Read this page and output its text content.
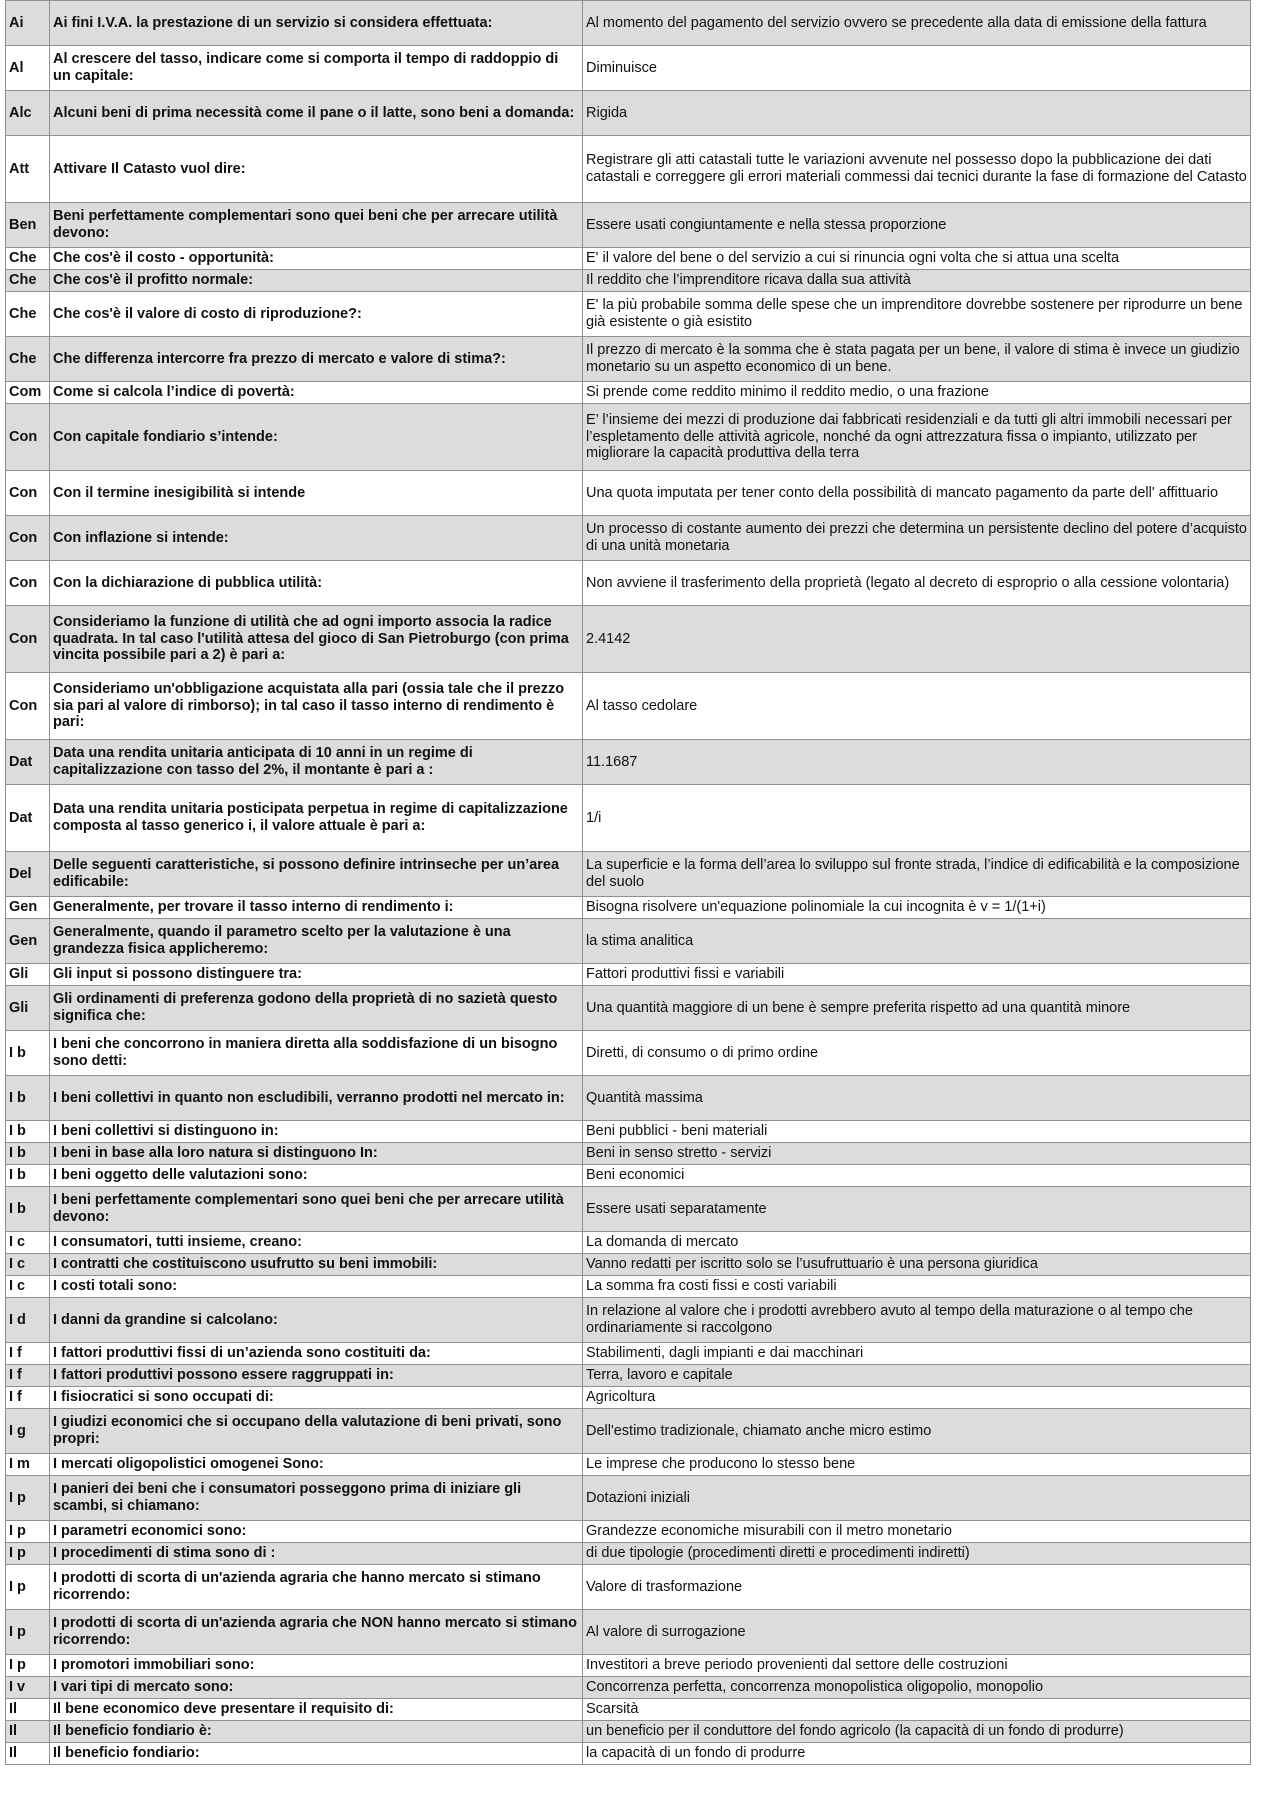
Ai	Ai fini I.V.A. la prestazione di un servizio si considera effettuata:	Al momento del pagamento del servizio ovvero se precedente alla data di emissione della fattura
Al	Al crescere del tasso, indicare come si comporta il tempo di raddoppio di un capitale:	Diminuisce
Alc	Alcuni beni di prima necessità come il pane o il latte, sono beni a domanda:	Rigida
Att	Attivare Il Catasto vuol dire:	Registrare gli atti catastali tutte le variazioni avvenute nel possesso dopo la pubblicazione dei dati catastali e correggere gli errori materiali commessi dai tecnici durante la fase di formazione del Catasto
Ben	Beni perfettamente complementari sono quei beni che per arrecare utilità devono:	Essere usati congiuntamente e nella stessa proporzione
Che	Che cos'è il costo - opportunità:	E' il valore del bene o del servizio a cui si rinuncia ogni volta che si attua una scelta
Che	Che cos'è il profitto normale:	Il reddito che l’imprenditore ricava dalla sua attività
Che	Che cos'è il valore di costo di riproduzione?:	E' la più probabile somma delle spese che un imprenditore dovrebbe sostenere per riprodurre un bene già esistente o già esistito
Che	Che differenza intercorre fra prezzo di mercato e valore di stima?:	Il prezzo di mercato è la somma che è stata pagata per un bene, il valore di stima è invece un giudizio monetario su un aspetto economico di un bene.
Com	Come si calcola l’indice di povertà:	Si prende come reddito minimo il reddito medio, o una frazione
Con	Con capitale fondiario s’intende:	E’ l’insieme dei mezzi di produzione dai fabbricati residenziali e da tutti gli altri immobili necessari per l’espletamento delle attività agricole, nonché da ogni attrezzatura fissa o impianto, utilizzato per migliorare la capacità produttiva della terra
Con	Con il termine inesigibilità si intende	Una quota imputata per tener conto della possibilità di mancato pagamento da parte dell' affittuario
Con	Con inflazione si intende:	Un processo di costante aumento dei prezzi che determina un persistente declino del potere d’acquisto di una unità monetaria
Con	Con la dichiarazione di pubblica utilità:	Non avviene il trasferimento della proprietà (legato al decreto di esproprio o alla cessione volontaria)
Con	Consideriamo la funzione di utilità che ad ogni importo associa la radice quadrata. In tal caso l'utilità attesa del gioco di San Pietroburgo (con prima vincita possibile pari a 2) è pari a:	2.4142
Con	Consideriamo un'obbligazione acquistata alla pari (ossia tale che il prezzo sia pari al valore di rimborso); in tal caso il tasso interno di rendimento è pari:	Al tasso cedolare
Dat	Data una rendita unitaria anticipata di 10 anni in un regime di capitalizzazione con tasso del 2%, il montante è pari a :	11.1687
Dat	Data una rendita unitaria posticipata perpetua in regime di capitalizzazione composta al tasso generico i, il valore attuale è pari a:	1/i
Del	Delle seguenti caratteristiche, si possono definire intrinseche per un’area edificabile:	La superficie e la forma dell’area lo sviluppo sul fronte strada, l’indice di edificabilità e la composizione del suolo
Gen	Generalmente, per trovare il tasso interno di rendimento i:	Bisogna risolvere un'equazione polinomiale la cui incognita è v = 1/(1+i)
Gen	Generalmente, quando il parametro scelto per la valutazione è una grandezza fisica applicheremo:	la stima analitica
Gli	Gli input si possono distinguere tra:	Fattori produttivi fissi e variabili
Gli	Gli ordinamenti di preferenza godono della proprietà di no sazietà questo significa che:	Una quantità maggiore di un bene è sempre preferita rispetto ad una quantità minore
I b	I beni che concorrono in maniera diretta alla soddisfazione di un bisogno sono detti:	Diretti, di consumo o di primo ordine
I b	I beni collettivi in quanto non escludibili, verranno prodotti nel mercato in:	Quantità massima
I b	I beni collettivi si distinguono in:	Beni pubblici - beni materiali
I b	I beni in base alla loro natura si distinguono In:	Beni in senso stretto - servizi
I b	I beni oggetto delle valutazioni sono:	Beni economici
I b	I beni perfettamente complementari sono quei beni che per arrecare utilità devono:	Essere usati separatamente
I c	I consumatori, tutti insieme, creano:	La domanda di mercato
I c	I contratti che costituiscono usufrutto su beni immobili:	Vanno redatti per iscritto solo se l’usufruttuario è una persona giuridica
I c	I costi totali sono:	La somma fra costi fissi e costi variabili
I d	I danni da grandine si calcolano:	In relazione al valore che i prodotti avrebbero avuto al tempo della maturazione o al tempo che ordinariamente si raccolgono
I f	I fattori produttivi fissi di un’azienda sono costituiti da:	Stabilimenti, dagli impianti e dai macchinari
I f	I fattori produttivi possono essere raggruppati in:	Terra, lavoro e capitale
I f	I fisiocratici si sono occupati di:	Agricoltura
I g	I giudizi economici che si occupano della valutazione di beni privati, sono propri:	Dell'estimo tradizionale, chiamato anche micro estimo
I m	I mercati oligopolistici omogenei Sono:	Le imprese che producono lo stesso bene
I p	I panieri dei beni che i consumatori posseggono prima di iniziare gli scambi, si chiamano:	Dotazioni iniziali
I p	I parametri economici sono:	Grandezze economiche misurabili con il metro monetario
I p	I procedimenti di stima sono di :	di due tipologie (procedimenti diretti e procedimenti indiretti)
I p	I prodotti di scorta di un'azienda agraria che hanno mercato si stimano ricorrendo:	Valore di trasformazione
I p	I prodotti di scorta di un'azienda agraria che NON hanno mercato si stimano ricorrendo:	Al valore di surrogazione
I p	I promotori immobiliari sono:	Investitori a breve periodo provenienti dal settore delle costruzioni
I v	I vari tipi di mercato sono:	Concorrenza perfetta, concorrenza monopolistica oligopolio, monopolio
Il	Il bene economico deve presentare il requisito di:	Scarsità
Il	Il beneficio fondiario è:	un beneficio per il conduttore del fondo agricolo (la capacità di un fondo di produrre)
Il	Il beneficio fondiario:	la capacità di un fondo di produrre
